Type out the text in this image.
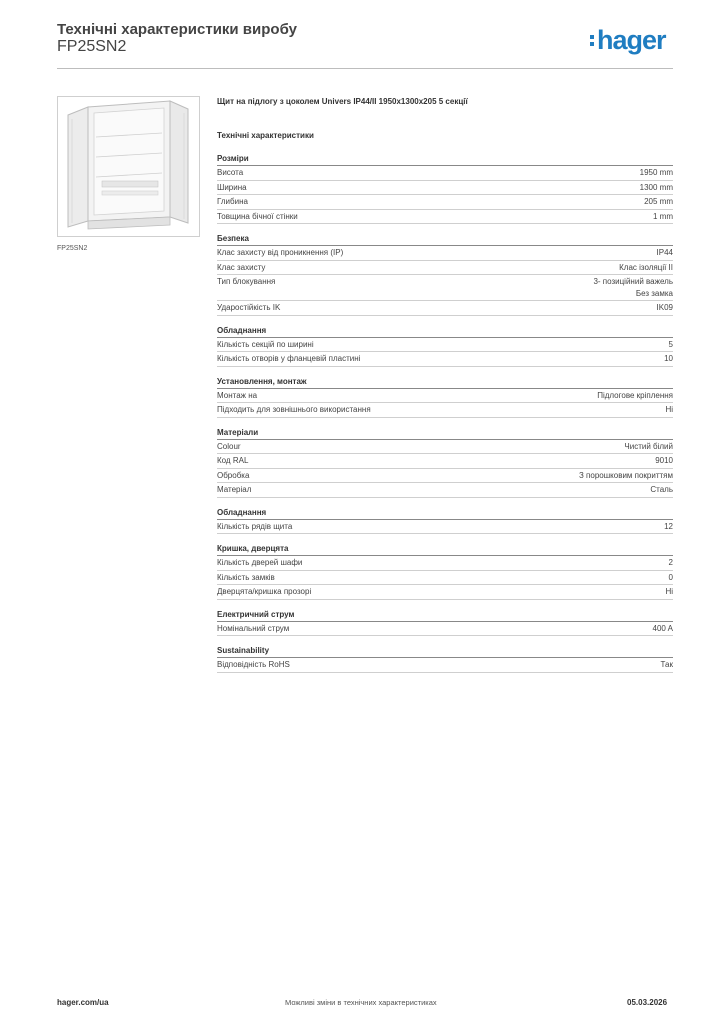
Технічні характеристики виробу
FP25SN2	hager
FP25SN2
Щит на підлогу з цоколем Univers IP44/II 1950x1300x205 5 секції
Технічні характеристики
Розміри
Висота	1950 mm
Ширина	1300 mm
Глибина	205 mm
Товщина бічної стінки	1 mm
Безпека
Клас захисту від проникнення (IP)	IP44
Клас захисту	Клас ізоляції II
Тип блокування	3- позиційний важель
Без замка
Ударостійкість IK	IK09
Обладнання
Кількість секцій по ширині	5
Кількість отворів у фланцевій пластині	10
Установлення, монтаж
Монтаж на	Підлогове кріплення
Підходить для зовнішнього використання	Ні
Матеріали
Colour	Чистий білий
Код RAL	9010
Обробка	З порошковим покриттям
Матеріал	Сталь
Обладнання
Кількість рядів щита	12
Кришка, дверцята
Кількість дверей шафи	2
Кількість замків	0
Дверцята/кришка прозорі	Ні
Електричний струм
Номінальний струм	400 A
Sustainability
Відповідність RoHS	Так
hager.com/ua	Можливі зміни в технічних характеристиках	05.03.2026
